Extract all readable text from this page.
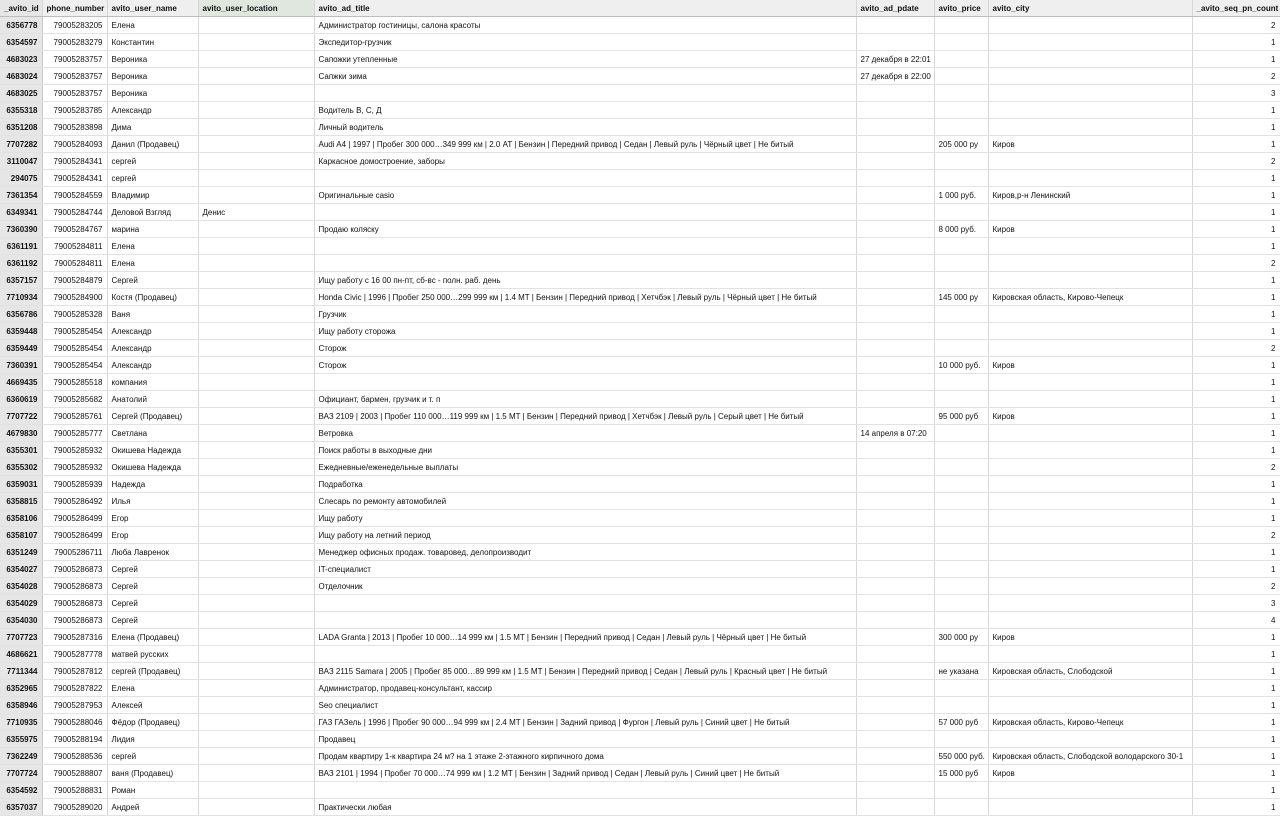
_avito_id	phone_number	avito_user_name	avito_user_location	avito_ad_title	avito_ad_pdate	avito_price	avito_city	_avito_seq_pn_count
6356778	79005283205	Елена		Администратор гостиницы, салона красоты				2
6354597	79005283279	Константин		Экспедитор-грузчик				1
4683023	79005283757	Вероника		Сапожки утепленные	27 декабря в 22:01			1
4683024	79005283757	Вероника		Сапжки зима	27 декабря в 22:00			2
4683025	79005283757	Вероника						3
6355318	79005283785	Александр		Водитель B, C, Д				1
6351208	79005283898	Дима		Личный водитель				1
7707282	79005284093	Данил (Продавец)		Audi A4 | 1997 | Пробег 300 000…349 999 км | 2.0 AT | Бензин | Передний привод | Седан | Левый руль | Чёрный цвет | Не битый		205 000 ру	Киров	1
3110047	79005284341	сергей		Каркасное домостроение, заборы				2
294075	79005284341	сергей						1
7361354	79005284559	Владимир		Оригинальные casio		1 000 руб.	Киров,р-н Ленинский	1
6349341	79005284744	Деловой Взгляд	Денис					1
7360390	79005284767	марина		Продаю коляску		8 000 руб.	Киров	1
6361191	79005284811	Елена						1
6361192	79005284811	Елена						2
6357157	79005284879	Сергей		Ищу работу с 16 00 пн-пт, сб-вс - полн. раб. день				1
7710934	79005284900	Костя (Продавец)		Honda Civic | 1996 | Пробег 250 000…299 999 км | 1.4 MT | Бензин | Передний привод | Хетчбэк | Левый руль | Чёрный цвет | Не битый		145 000 ру	Кировская область, Кирово-Чепецк	1
6356786	79005285328	Ваня		Грузчик				1
6359448	79005285454	Александр		Ищу работу сторожа				1
6359449	79005285454	Александр		Сторож				2
7360391	79005285454	Александр		Сторож		10 000 руб.	Киров	1
4669435	79005285518	компания						1
6360619	79005285682	Анатолий		Официант, бармен, грузчик и т. п				1
7707722	79005285761	Сергей (Продавец)		ВАЗ 2109 | 2003 | Пробег 110 000…119 999 км | 1.5 MT | Бензин | Передний привод | Хетчбэк | Левый руль | Серый цвет | Не битый		95 000 руб	Киров	1
4679830	79005285777	Светлана		Ветровка	14 апреля в 07:20			1
6355301	79005285932	Окишева Надежда		Поиск работы в выходные дни				1
6355302	79005285932	Окишева Надежда		Ежедневные/еженедельные выплаты				2
6359031	79005285939	Надежда		Подработка				1
6358815	79005286492	Илья		Слесарь по ремонту автомобилей				1
6358106	79005286499	Егор		Ищу работу				1
6358107	79005286499	Егор		Ищу работу на летний период				2
6351249	79005286711	Люба Лавренок		Менеджер офисных продаж. товаровед, делопроизводит				1
6354027	79005286873	Сергей		IT-специалист				1
6354028	79005286873	Сергей		Отделочник				2
6354029	79005286873	Сергей						3
6354030	79005286873	Сергей						4
7707723	79005287316	Елена (Продавец)		LADA Granta | 2013 | Пробег 10 000…14 999 км | 1.5 MT | Бензин | Передний привод | Седан | Левый руль | Чёрный цвет | Не битый		300 000 ру	Киров	1
4686621	79005287778	матвей русских						1
7711344	79005287812	сергей (Продавец)		ВАЗ 2115 Samara | 2005 | Пробег 85 000…89 999 км | 1.5 MT | Бензин | Передний привод | Седан | Левый руль | Красный цвет | Не битый		не указана	Кировская область, Слободской	1
6352965	79005287822	Елена		Администратор, продавец-консультант, кассир				1
6358946	79005287953	Алексей		Seo специалист				1
7710935	79005288046	Фёдор (Продавец)		ГАЗ ГАЗель | 1996 | Пробег 90 000…94 999 км | 2.4 MT | Бензин | Задний привод | Фургон | Левый руль | Синий цвет | Не битый		57 000 руб	Кировская область, Кирово-Чепецк	1
6355975	79005288194	Лидия		Продавец				1
7362249	79005288536	сергей		Продам квартиру 1-к квартира 24 м? на 1 этаже 2-этажного кирпичного дома		550 000 руб.	Кировская область, Слободской володарского 30-1	1
7707724	79005288807	ваня (Продавец)		ВАЗ 2101 | 1994 | Пробег 70 000…74 999 км | 1.2 MT | Бензин | Задний привод | Седан | Левый руль | Синий цвет | Не битый		15 000 руб	Киров	1
6354592	79005288831	Роман						1
6357037	79005289020	Андрей		Практически любая				1
